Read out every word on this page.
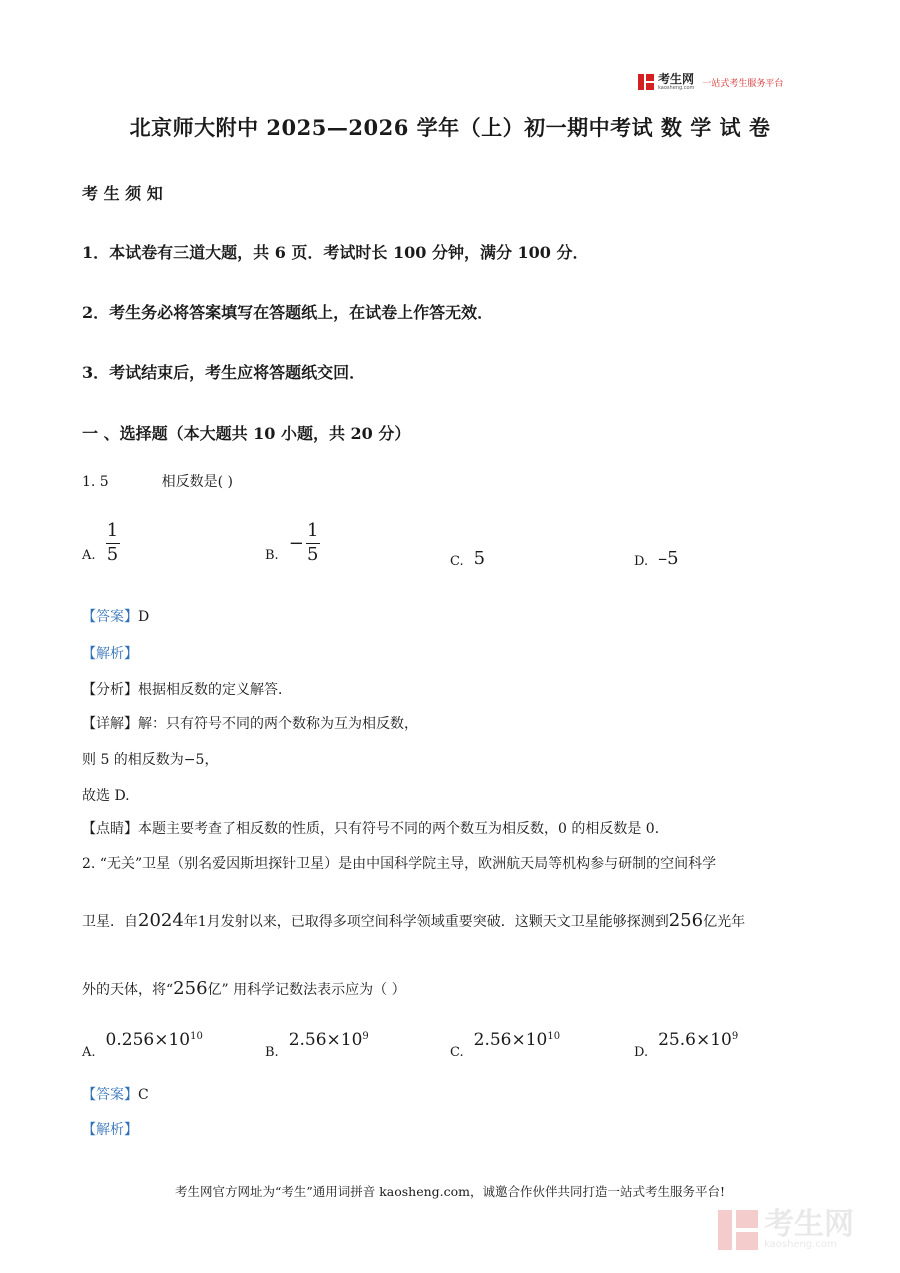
考生网
kaosheng.com 一站式考生服务平台
北京师大附中 2025—2026 学年（上）初一期中考试 数 学 试 卷
考 生 须 知
1．本试卷有三道大题，共 6 页．考试时长 100 分钟，满分 100 分．
2．考生务必将答案填写在答题纸上，在试卷上作答无效．
3．考试结束后，考生应将答题纸交回．
一 、选择题（本大题共 10 小题，共 20 分）
1. 5	相反数是( )
A. $\frac{1}{5}$	B.
− $\frac{1}{5}$	C. 5	D. –5
【答案】D
【解析】
【分析】根据相反数的定义解答．
【详解】解：只有符号不同的两个数称为互为相反数，
则 5 的相反数为−5，
故选 D.
【点睛】本题主要考查了相反数的性质，只有符号不同的两个数互为相反数，0 的相反数是 0．
2. “无关”卫星（别名爱因斯坦探针卫星）是由中国科学院主导，欧洲航天局等机构参与研制的空间科学
卫星．自2024年1月发射以来，已取得多项空间科学领域重要突破．这颗天文卫星能够探测到256亿光年
外的天体，将“256亿” 用科学记数法表示应为（ ）
A.
$0.256\times 10^{10}$
B.
$2.56\times 10^9$
C.
$2.56\times 10^{10}$
D.
$25.6\times 10^9$
【答案】C
【解析】
考生网官方网址为“考生”通用词拼音 kaosheng.com，诚邀合作伙伴共同打造一站式考生服务平台!
考生网
kaosheng.com
